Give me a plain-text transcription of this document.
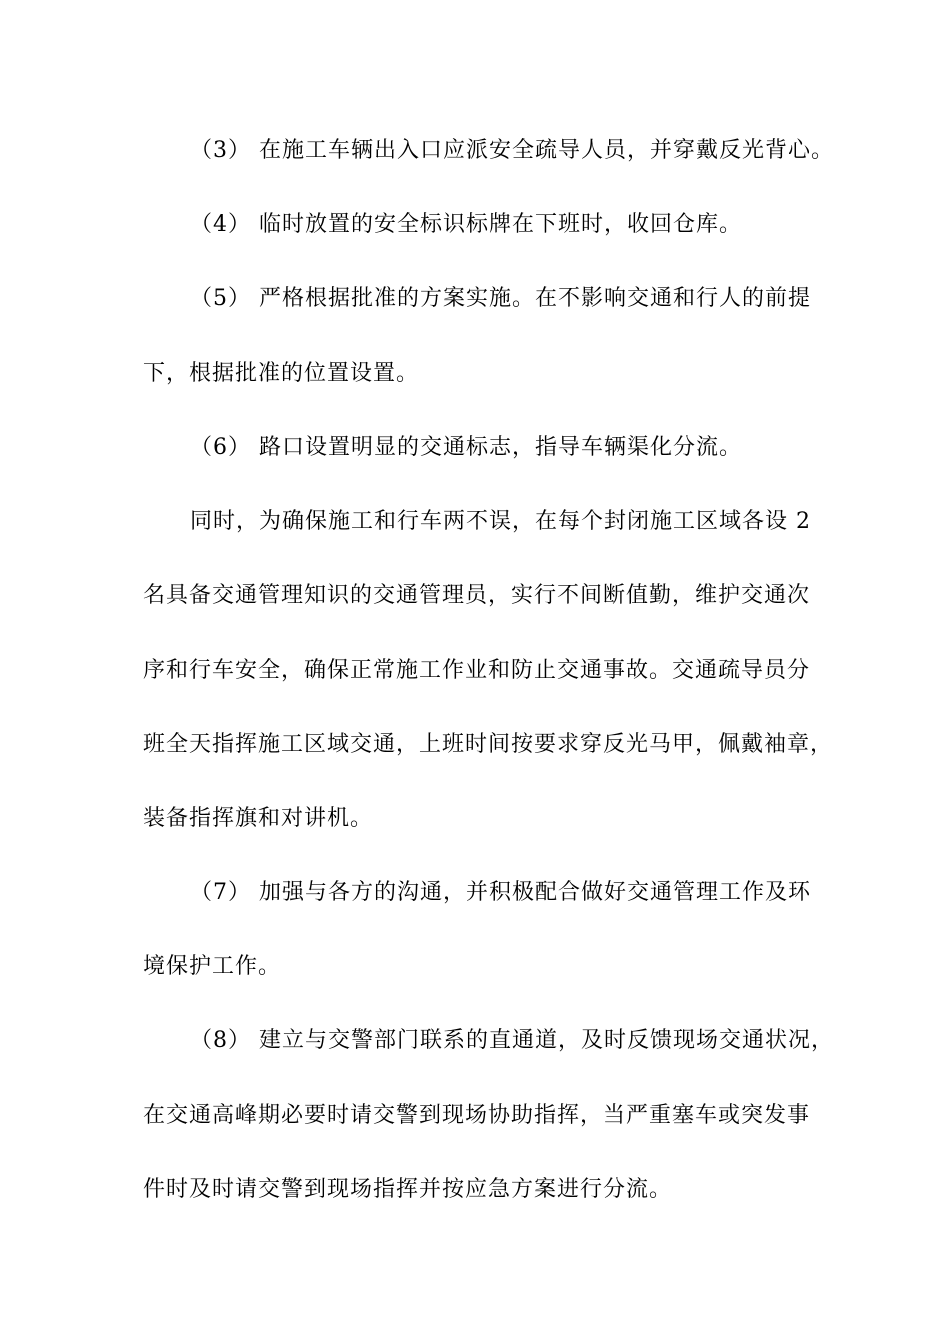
（3） 在施工车辆出入口应派安全疏导人员，并穿戴反光背心。
（4） 临时放置的安全标识标牌在下班时，收回仓库。
（5） 严格根据批准的方案实施。在不影响交通和行人的前提
下，根据批准的位置设置。
（6） 路口设置明显的交通标志，指导车辆渠化分流。
同时，为确保施工和行车两不误，在每个封闭施工区域各设 2
名具备交通管理知识的交通管理员，实行不间断值勤，维护交通次
序和行车安全，确保正常施工作业和防止交通事故。交通疏导员分
班全天指挥施工区域交通，上班时间按要求穿反光马甲，佩戴袖章，
装备指挥旗和对讲机。
（7） 加强与各方的沟通，并积极配合做好交通管理工作及环
境保护工作。
（8） 建立与交警部门联系的直通道，及时反馈现场交通状况，
在交通高峰期必要时请交警到现场协助指挥，当严重塞车或突发事
件时及时请交警到现场指挥并按应急方案进行分流。
